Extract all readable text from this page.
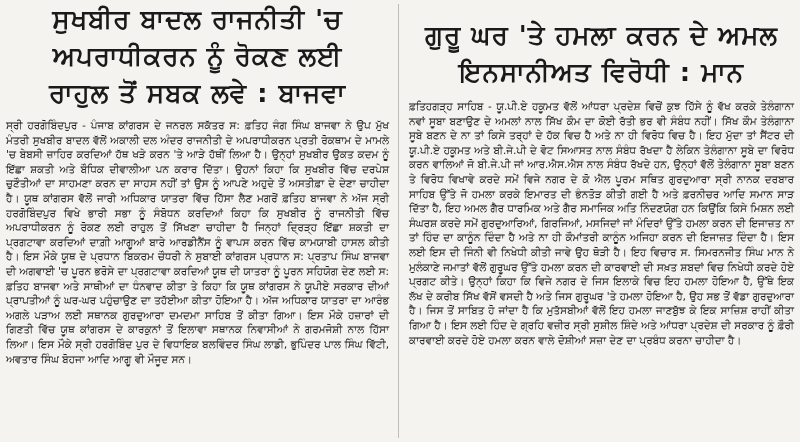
ਸੁਖਬੀਰ ਬਾਦਲ ਰਾਜਨੀਤੀ 'ਚ
ਅਪਰਾਧੀਕਰਨ ਨੂੰ ਰੋਕਣ ਲਈ
ਰਾਹੁਲ ਤੋਂ ਸਬਕ ਲਵੇ : ਬਾਜਵਾ
ਸ੍ਰੀ ਹਰਗੋਬਿੰਦਪੁਰ - ਪੰਜਾਬ ਕਾਂਗਰਸ ਦੇ ਜਨਰਲ ਸਕੱਤਰ ਸ: ਫ਼ਤਿਹ ਜੰਗ ਸਿੰਘ ਬਾਜਵਾ ਨੇ ਉਪ ਮੁੱਖ ਮੰਤਰੀ ਸੁਖਬੀਰ ਬਾਦਲ ਵੱਲੋਂ ਅਕਾਲੀ ਦਲ ਅੰਦਰ ਰਾਜਨੀਤੀ ਦੇ ਅਪਰਾਧੀਕਰਨ ਪ੍ਰਤੀ ਰੋਕਥਾਮ ਦੇ ਮਾਮਲੇ 'ਚ ਬੇਬਸੀ ਜ਼ਾਹਿਰ ਕਰਦਿਆਂ ਹੱਥ ਖੜੇ ਕਰਨ 'ਤੇ ਆੜੇ ਹੱਥੀਂ ਲਿਆ ਹੈ। ਉਨ੍ਹਾਂ ਸੁਖਬੀਰ ਉਕਤ ਕਦਮ ਨੂੰ ਇੱਛਾ ਸ਼ਕਤੀ ਅਤੇ ਬੌਧਿਕ ਦੀਵਾਲੀਆ ਪਨ ਕਰਾਰ ਦਿੱਤਾ। ਉਹਨਾਂ ਕਿਹਾ ਕਿ ਸੁਖਬੀਰ ਵਿੱਚ ਦਰਪੇਸ਼ ਚੁਣੌਤੀਆਂ ਦਾ ਸਾਹਮਣਾ ਕਰਨ ਦਾ ਸਾਹਸ ਨਹੀਂ ਤਾਂ ਉਸ ਨੂੰ ਆਪਣੇ ਅਹੁਦੇ ਤੋਂ ਅਸਤੀਫ਼ਾ ਦੇ ਦੇਣਾ ਚਾਹੀਦਾ ਹੈ। ਯੂਥ ਕਾਂਗਰਸ ਵੱਲੋਂ ਜਾਰੀ ਅਧਿਕਾਰ ਯਾਤਰਾ ਵਿੱਚ ਹਿੱਸਾ ਲੈਣ ਮਗਰੋਂ ਫ਼ਤਿਹ ਬਾਜਵਾ ਨੇ ਅੱਜ ਸ੍ਰੀ ਹਰਗੋਬਿੰਦਪੁਰ ਵਿਖੇ ਭਾਰੀ ਸਭਾ ਨੂੰ ਸੰਬੋਧਨ ਕਰਦਿਆਂ ਕਿਹਾ ਕਿ ਸੁਖਬੀਰ ਨੂੰ ਰਾਜਨੀਤੀ ਵਿੱਚ ਅਪਰਾਧੀਕਰਨ ਨੂੰ ਰੋਕਣ ਲਈ ਰਾਹੁਲ ਤੋਂ ਸਿੱਖਣਾ ਚਾਹੀਦਾ ਹੈ ਜਿਨ੍ਹਾਂ ਦ੍ਰਿੜ੍ਹ ਇੱਛਾ ਸ਼ਕਤੀ ਦਾ ਪ੍ਰਗਟਾਵਾ ਕਰਦਿਆਂ ਦਾਗ਼ੀ ਆਗੂਆਂ ਬਾਰੇ ਆਰਡੀਨੈਂਸ ਨੂੰ ਵਾਪਸ ਕਰਨ ਵਿੱਚ ਕਾਮਯਾਬੀ ਹਾਸਲ ਕੀਤੀ ਹੈ। ਇਸ ਮੌਕੇ ਯੂਥ ਦੇ ਪ੍ਰਧਾਨ ਬਿਕਰਮ ਚੌਧਰੀ ਨੇ ਸੁਬਾਈ ਕਾਂਗਰਸ ਪ੍ਰਧਾਨ ਸ: ਪ੍ਰਤਾਪ ਸਿੰਘ ਬਾਜਵਾ ਦੀ ਅਗਵਾਈ 'ਚ ਪੂਰਨ ਭਰੋਸੇ ਦਾ ਪ੍ਰਗਟਾਵਾ ਕਰਦਿਆਂ ਯੂਥ ਦੀ ਯਾਤਰਾ ਨੂੰ ਪੂਰਨ ਸਹਿਯੋਗ ਦੇਣ ਲਈ ਸ: ਫ਼ਤਿਹ ਬਾਜਵਾ ਅਤੇ ਸਾਥੀਆਂ ਦਾ ਧੰਨਵਾਦ ਕੀਤਾ ਤੇ ਕਿਹਾ ਕਿ ਯੂਥ ਕਾਂਗਰਸ ਨੇ ਯੂਪੀਏ ਸਰਕਾਰ ਦੀਆਂ ਪ੍ਰਾਪਤੀਆਂ ਨੂੰ ਘਰ-ਘਰ ਪਹੁੰਚਾਉਣ ਦਾ ਤਹੱਈਆ ਕੀਤਾ ਹੋਇਆ ਹੈ। ਅੱਜ ਅਧਿਕਾਰ ਯਾਤਰਾ ਦਾ ਆਰੰਭ ਅਗਲੇ ਪੜਾਅ ਲਈ ਸਥਾਨਕ ਗੁਰਦੁਆਰਾ ਦਮਦਮਾ ਸਾਹਿਬ ਤੋਂ ਕੀਤਾ ਗਿਆ। ਇਸ ਮੌਕੇ ਹਜ਼ਾਰਾਂ ਦੀ ਗਿਣਤੀ ਵਿੱਚ ਯੂਥ ਕਾਂਗਰਸ ਦੇ ਕਾਰਕੁਨਾਂ ਤੋਂ ਇਲਾਵਾ ਸਥਾਨਕ ਨਿਵਾਸੀਆਂ ਨੇ ਗਰਮਜੋਸ਼ੀ ਨਾਲ ਹਿੱਸਾ ਲਿਆ। ਇਸ ਮੌਕੇ ਸ੍ਰੀ ਹਰਗੋਬਿੰਦ ਪੁਰ ਦੇ ਵਿਧਾਇਕ ਬਲਵਿੰਦਰ ਸਿੰਘ ਲਾਡੀ, ਭੁਪਿੰਦਰ ਪਾਲ ਸਿੰਘ ਵਿੱਟੀ, ਅਵਤਾਰ ਸਿੰਘ ਬੋਹਜਾ ਆਦਿ ਆਗੂ ਵੀ ਮੌਜੂਦ ਸਨ।
ਗੁਰੂ ਘਰ 'ਤੇ ਹਮਲਾ ਕਰਨ ਦੇ ਅਮਲ
ਇਨਸਾਨੀਅਤ ਵਿਰੋਧੀ : ਮਾਨ
ਫ਼ਤਿਹਗੜ੍ਹ ਸਾਹਿਬ - ਯੂ.ਪੀ.ਏ ਹਕੂਮਤ ਵੱਲੋਂ ਆਂਧਰਾ ਪ੍ਰਦੇਸ਼ ਵਿਚੋਂ ਕੁਝ ਹਿੱਸੇ ਨੂੰ ਵੱਖ ਕਰਕੇ ਤੇਲੰਗਾਨਾ ਨਵਾਂ ਸੂਬਾ ਬਣਾਉਣ ਦੇ ਅਮਲਾਂ ਨਾਲ ਸਿੱਖ ਕੌਮ ਦਾ ਕੋਈ ਰੱਤੀ ਭਰ ਵੀ ਸੰਬੰਧ ਨਹੀਂ। ਸਿੱਖ ਕੌਮ ਤੇਲੰਗਾਨਾ ਸੂਬੇ ਬਣਨ ਦੇ ਨਾ ਤਾਂ ਕਿਸੇ ਤਰ੍ਹਾਂ ਦੇ ਹੱਕ ਵਿਚ ਹੈ ਅਤੇ ਨਾ ਹੀ ਵਿਰੋਧ ਵਿਚ ਹੈ। ਇਹ ਮੁੱਦਾ ਤਾਂ ਸੈਂਟਰ ਦੀ ਯੂ.ਪੀ.ਏ ਹਕੂਮਤ ਅਤੇ ਬੀ.ਜੇ.ਪੀ ਦੇ ਵੋਟ ਸਿਆਸਤ ਨਾਲ ਸੰਬੰਧ ਰੱਖਦਾ ਹੈ ਲੇਕਿਨ ਤੇਲੰਗਾਨਾ ਸੂਬੇ ਦਾ ਵਿਰੋਧ ਕਰਨ ਵਾਲਿਆਂ ਜੋ ਬੀ.ਜੇ.ਪੀ ਜਾਂ ਆਰ.ਐਸ.ਐਸ ਨਾਲ ਸੰਬੰਧ ਰੱਖਦੇ ਹਨ, ਉਨ੍ਹਾਂ ਵੱਲੋਂ ਤੇਲੰਗਾਨਾ ਸੂਬਾ ਬਣਨ ਤੇ ਵਿਰੋਧ ਵਿਖਾਵੇ ਕਰਦੇ ਸਮੇਂ ਵਿਜੇ ਨਗਰ ਦੇ ਕੋ ਐਲ ਪੂਰਮ ਸਥਿਤ ਗੁਰਦੁਆਰਾ ਸ੍ਰੀ ਨਾਨਕ ਦਰਬਾਰ ਸਾਹਿਬ ਉੱਤੇ ਜੋ ਹਮਲਾ ਕਰਕੇ ਇਮਾਰਤ ਦੀ ਭੰਨਤੋੜ ਕੀਤੀ ਗਈ ਹੈ ਅਤੇ ਫ਼ਰਨੀਚਰ ਆਦਿ ਸਮਾਨ ਸਾੜ ਦਿੱਤਾ ਹੈ, ਇਹ ਅਮਲ ਗੈਰ ਧਾਰਮਿਕ ਅਤੇ ਗੈਰ ਸਮਾਜਿਕ ਅਤਿ ਨਿੰਦਣਯੋਗ ਹਨ ਕਿਉਂਕਿ ਕਿਸੇ ਮਿਸ਼ਨ ਲਈ ਸੰਘਰਸ਼ ਕਰਦੇ ਸਮੇਂ ਗੁਰਦੁਆਰਿਆਂ, ਗਿਰਜਿਆਂ, ਮਸਜਿਦਾਂ ਜਾਂ ਮੰਦਿਰਾਂ ਉੱਤੇ ਹਮਲਾ ਕਰਨ ਦੀ ਇਜਾਜ਼ਤ ਨਾ ਤਾਂ ਹਿੰਦ ਦਾ ਕਾਨੂੰਨ ਦਿੰਦਾ ਹੈ ਅਤੇ ਨਾ ਹੀ ਕੌਮਾਂਤਰੀ ਕਾਨੂੰਨ ਅਜਿਹਾ ਕਰਨ ਦੀ ਇਜਾਜ਼ਤ ਦਿੰਦਾ ਹੈ। ਇਸ ਲਈ ਇਸ ਦੀ ਜਿੰਨੀ ਵੀ ਨਿਖੇਧੀ ਕੀਤੀ ਜਾਵੇ ਉਹ ਥੋੜੀ ਹੈ। ਇਹ ਵਿਚਾਰ ਸ. ਸਿਮਰਨਜੀਤ ਸਿੰਘ ਮਾਨ ਨੇ ਮੁਲੰਕਾਣੇ ਜਮਾਤਾਂ ਵੱਲੋਂ ਗੁਰੂਘਰ ਉੱਤੇ ਹਮਲਾ ਕਰਨ ਦੀ ਕਾਰਵਾਈ ਦੀ ਸਖ਼ਤ ਸ਼ਬਦਾਂ ਵਿਚ ਨਿਖੇਧੀ ਕਰਦੇ ਹੋਏ ਪ੍ਰਗਟ ਕੀਤੇ। ਉਨ੍ਹਾਂ ਕਿਹਾ ਕਿ ਵਿਜੇ ਨਗਰ ਦੇ ਜਿਸ ਇਲਾਕੇ ਵਿਚ ਇਹ ਹਮਲਾ ਹੋਇਆ ਹੈ, ਉੱਥੇ ਇਕ ਲੱਖ ਦੇ ਕਰੀਬ ਸਿੱਖ ਵੱਸੋਂ ਵਸਦੀ ਹੈ ਅਤੇ ਜਿਸ ਗੁਰੂਘਰ 'ਤੇ ਹਮਲਾ ਹੋਇਆ ਹੈ, ਉਹ ਸਭ ਤੋਂ ਵੱਡਾ ਗੁਰਦੁਆਰਾ ਹੈ। ਜਿਸ ਤੋਂ ਸਾਬਿਤ ਹੋ ਜਾਂਦਾ ਹੈ ਕਿ ਮੁਤੱਸਬੀਆਂ ਵੱਲੋਂ ਇਹ ਹਮਲਾ ਜਾਣਬੁੱਝ ਕੇ ਇਕ ਸਾਜ਼ਿਸ਼ ਰਾਹੀਂ ਕੀਤਾ ਗਿਆ ਹੈ। ਇਸ ਲਈ ਹਿੰਦ ਦੇ ਗ੍ਰਹਿ ਵਜ਼ੀਰ ਸ੍ਰੀ ਸੁਸ਼ੀਲ ਸ਼ਿੰਦੇ ਅਤੇ ਆਂਧਰਾ ਪ੍ਰਦੇਸ਼ ਦੀ ਸਰਕਾਰ ਨੂੰ ਫ਼ੌਰੀ ਕਾਰਵਾਈ ਕਰਦੇ ਹੋਏ ਹਮਲਾ ਕਰਨ ਵਾਲੇ ਦੋਸ਼ੀਆਂ ਸਜ਼ਾ ਦੇਣ ਦਾ ਪ੍ਰਬੰਧ ਕਰਨਾ ਚਾਹੀਦਾ ਹੈ।
